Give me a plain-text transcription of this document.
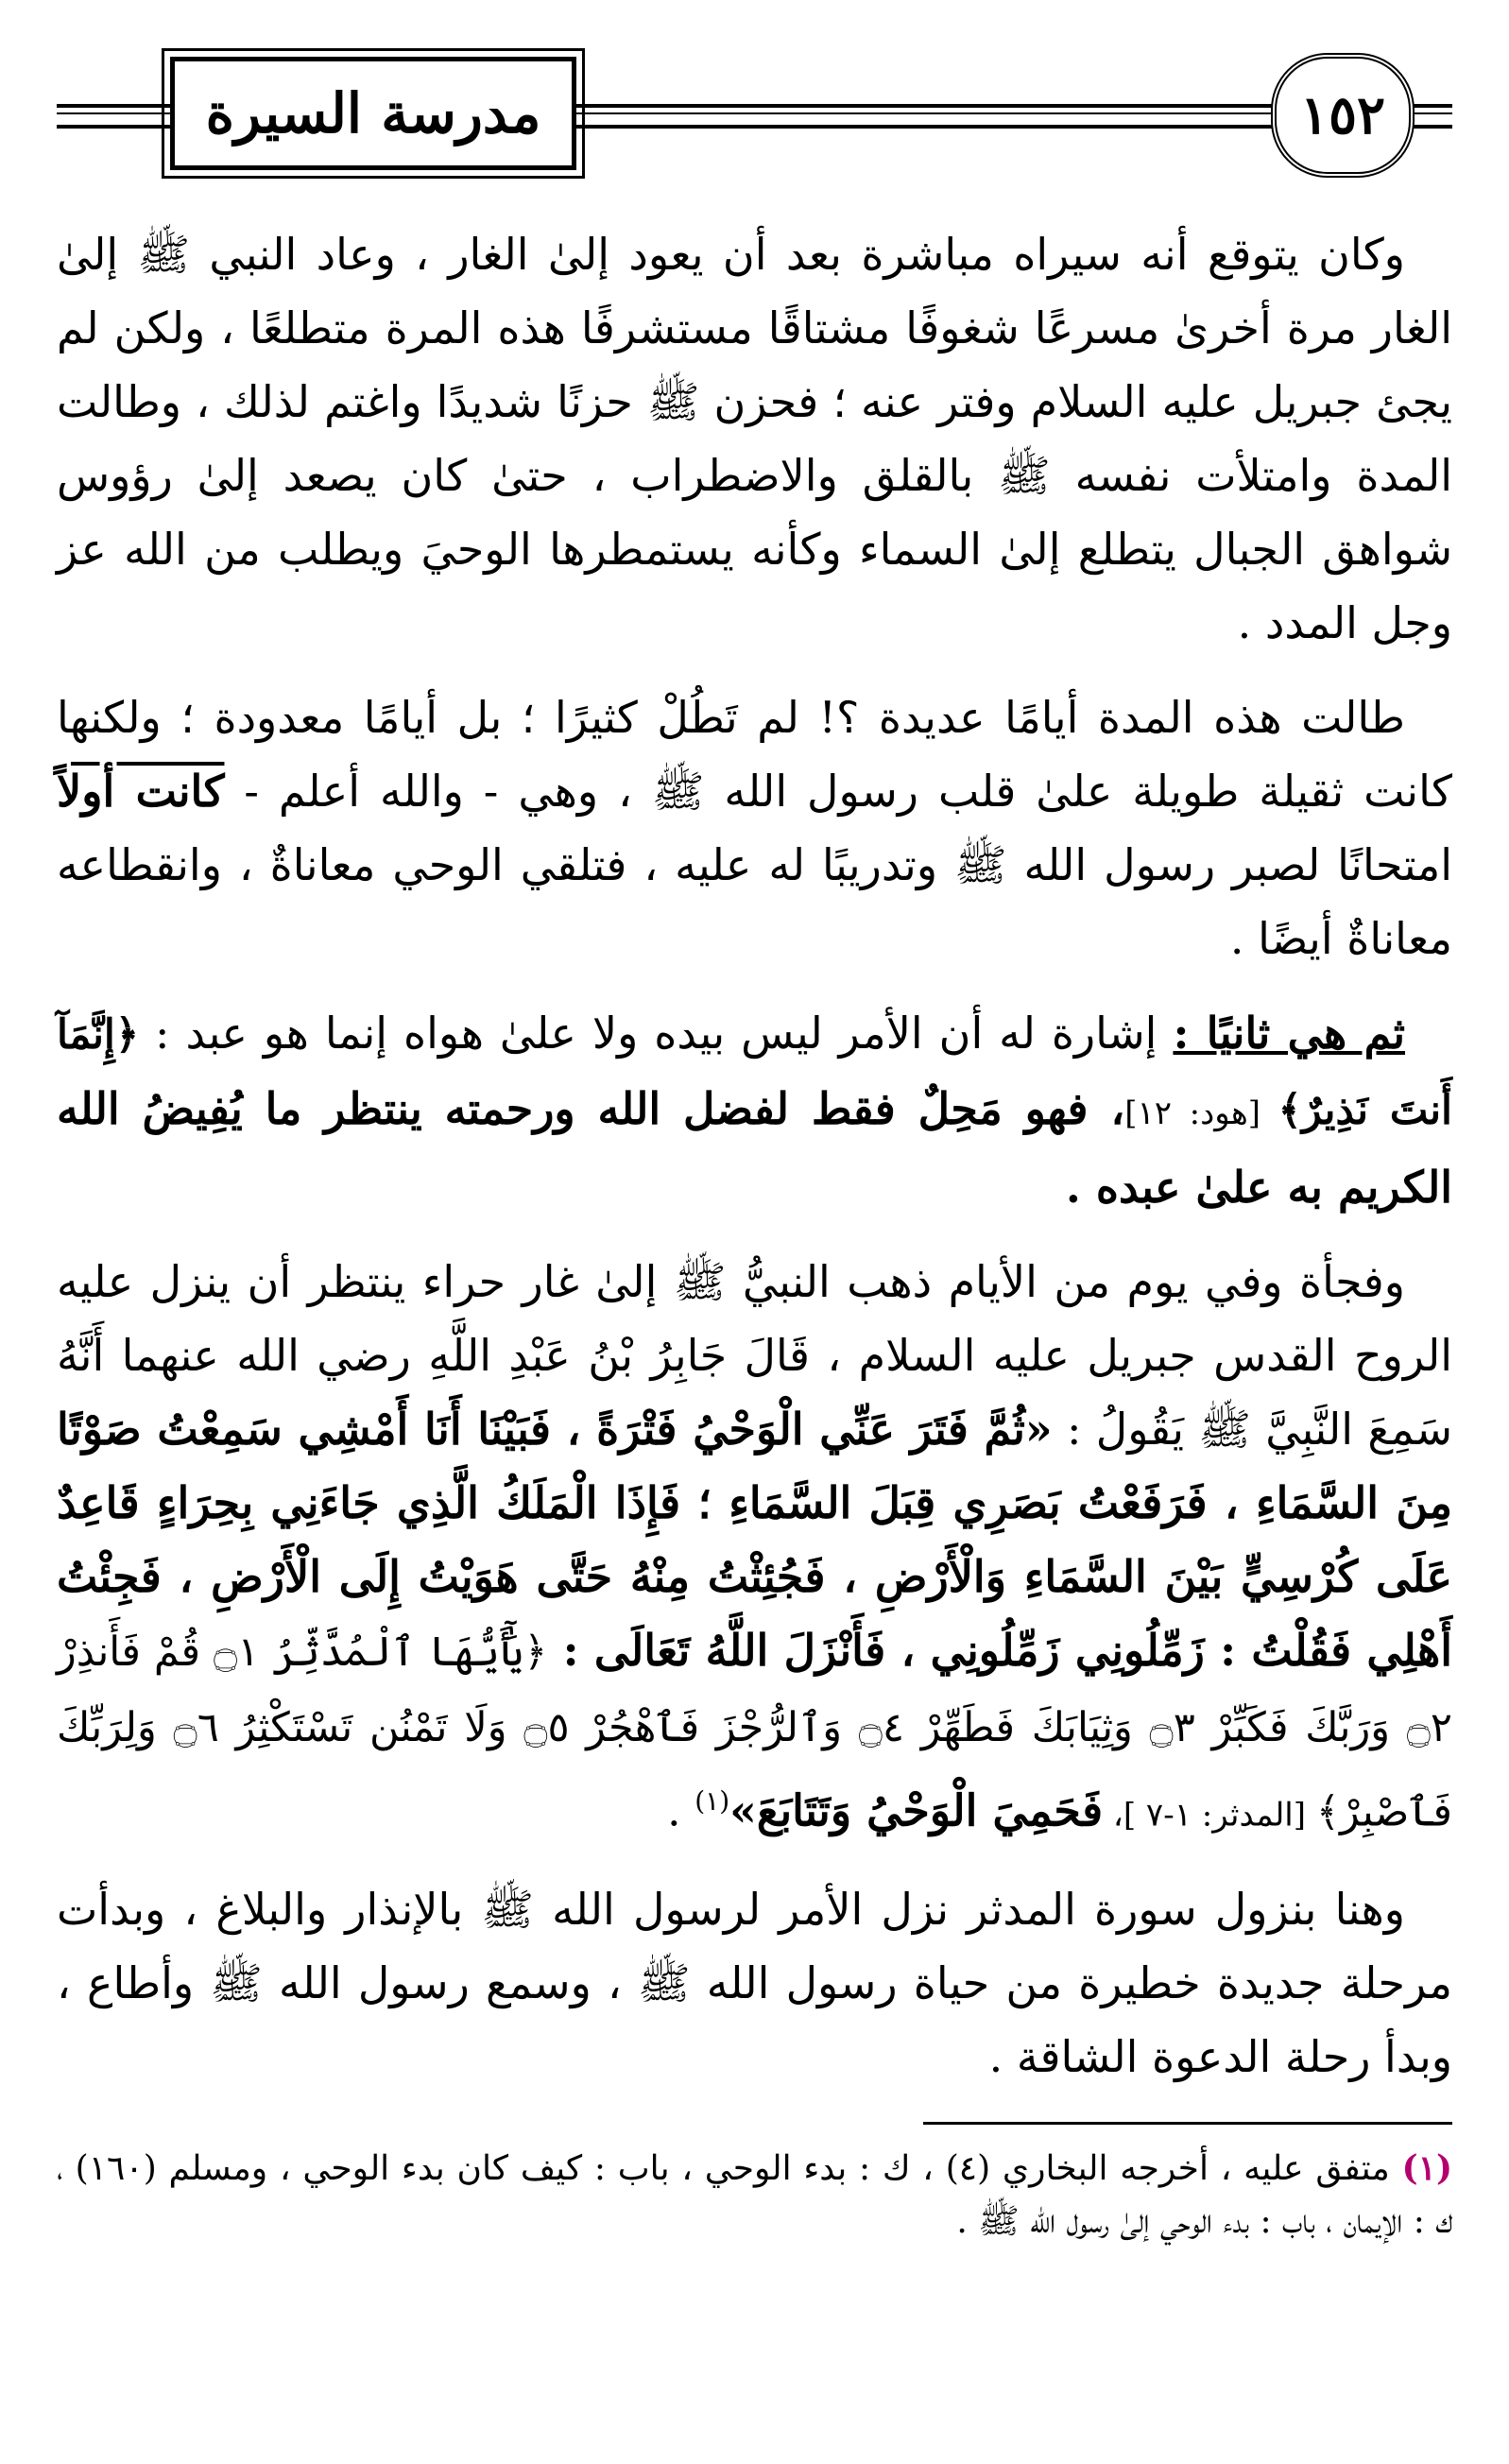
١٥٢
مدرسة السيرة

وكان يتوقع أنه سيراه مباشرة بعد أن يعود إلىٰ الغار ، وعاد النبي ﷺ إلىٰ الغار مرة أخرىٰ مسرعًا شغوفًا مشتاقًا مستشرفًا هذه المرة متطلعًا ، ولكن لم يجئ جبريل عليه السلام وفتر عنه ؛ فحزن ﷺ حزنًا شديدًا واغتم لذلك ، وطالت المدة وامتلأت نفسه ﷺ بالقلق والاضطراب ، حتىٰ كان يصعد إلىٰ رؤوس شواهق الجبال يتطلع إلىٰ السماء وكأنه يستمطرها الوحيَ ويطلب من الله عز وجل المدد .

طالت هذه المدة أيامًا عديدة ؟! لم تَطُلْ كثيرًا ؛ بل أيامًا معدودة ؛ ولكنها كانت ثقيلة طويلة علىٰ قلب رسول الله ﷺ ، وهي - والله أعلم - كانت أولاً امتحانًا لصبر رسول الله ﷺ وتدريبًا له عليه ، فتلقي الوحي معاناةٌ ، وانقطاعه معاناةٌ أيضًا .

ثم هي ثانيًا : إشارة له أن الأمر ليس بيده ولا علىٰ هواه إنما هو عبد : ﴿إِنَّمَآ أَنتَ نَذِيرٌ﴾ [هود: ١٢]، فهو مَحِلٌ فقط لفضل الله ورحمته ينتظر ما يُفِيضُ الله الكريم به علىٰ عبده .

وفجأة وفي يوم من الأيام ذهب النبيُّ ﷺ إلىٰ غار حراء ينتظر أن ينزل عليه الروح القدس جبريل عليه السلام ، قَالَ جَابِرُ بْنُ عَبْدِ اللَّهِ رضي الله عنهما أَنَّهُ سَمِعَ النَّبِيَّ ﷺ يَقُولُ : «ثُمَّ فَتَرَ عَنِّي الْوَحْيُ فَتْرَةً ، فَبَيْنَا أَنَا أَمْشِي سَمِعْتُ صَوْتًا مِنَ السَّمَاءِ ، فَرَفَعْتُ بَصَرِي قِبَلَ السَّمَاءِ ؛ فَإِذَا الْمَلَكُ الَّذِي جَاءَنِي بِحِرَاءٍ قَاعِدٌ عَلَى كُرْسِيٍّ بَيْنَ السَّمَاءِ وَالْأَرْضِ ، فَجُئِثْتُ مِنْهُ حَتَّى هَوَيْتُ إِلَى الْأَرْضِ ، فَجِئْتُ أَهْلِي فَقُلْتُ : زَمِّلُونِي زَمِّلُونِي ، فَأَنْزَلَ اللَّهُ تَعَالَى : ﴿يَٰٓأَيُّهَا ٱلْمُدَّثِّرُ ۝١ قُمْ فَأَنذِرْ ۝٢ وَرَبَّكَ فَكَبِّرْ ۝٣ وَثِيَابَكَ فَطَهِّرْ ۝٤ وَٱلرُّجْزَ فَٱهْجُرْ ۝٥ وَلَا تَمْنُن تَسْتَكْثِرُ ۝٦ وَلِرَبِّكَ فَٱصْبِرْ﴾ [المدثر: ١-٧ ]، فَحَمِيَ الْوَحْيُ وَتَتَابَعَ»$^{(١)}$ .

وهنا بنزول سورة المدثر نزل الأمر لرسول الله ﷺ بالإنذار والبلاغ ، وبدأت مرحلة جديدة خطيرة من حياة رسول الله ﷺ ، وسمع رسول الله ﷺ وأطاع ، وبدأ رحلة الدعوة الشاقة .

(١) متفق عليه ، أخرجه البخاري (٤) ، ك : بدء الوحي ، باب : كيف كان بدء الوحي ، ومسلم (١٦٠) ، ك : الإيمان ، باب : بدء الوحي إلىٰ رسول الله ﷺ .
